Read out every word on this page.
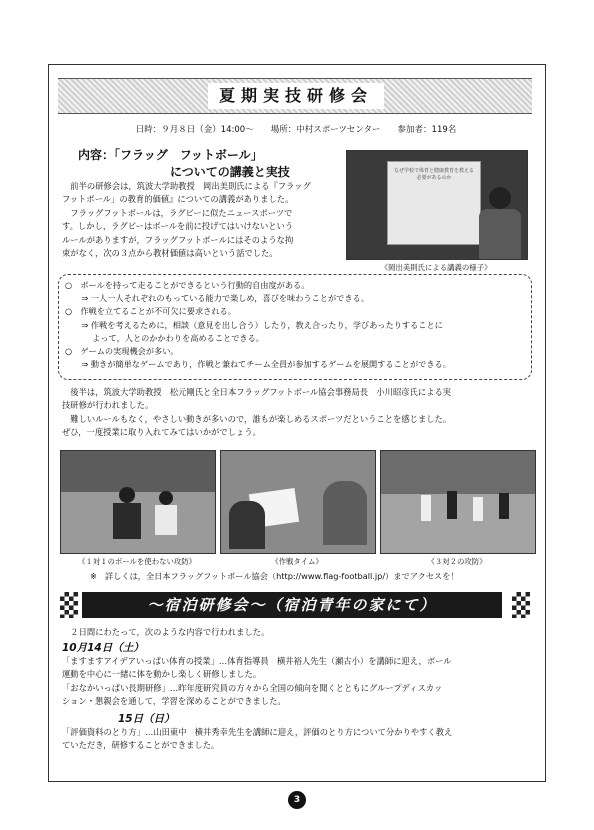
夏期実技研修会
日時：９月８日（金）14:00～　　場所：中村スポーツセンター　　参加者：119名
内容：「フラッグ　フットボール」
についての講義と実技
　前半の研修会は，筑波大学助教授　岡出美則氏による『フラッグ
フットボール」の教育的価値』についての講義がありました。
　フラッグフットボールは，ラグビーに似たニュースポーツで
す。しかし，ラグビーはボールを前に投げてはいけないという
ルールがありますが，フラッグフットボールにはそのような拘
束がなく，次の３点から教材価値は高いという話でした。
なぜ学校で体育と健康教育を教える必要があるのか
《岡出美則氏による講義の様子》
○　ボールを持って走ることができるという行動的自由度がある。
　　⇒ 一人一人それぞれのもっている能力で楽しめ，喜びを味わうことができる。
○　作戦を立てることが不可欠に要求される。
　　⇒ 作戦を考えるために，相談（意見を出し合う）したり，教え合ったり，学びあったりすることに
　　　 よって，人とのかかわりを高めることできる。
○　ゲームの実現機会が多い。
　　⇒ 動きが簡単なゲームであり，作戦と兼ねてチーム全員が参加するゲームを展開することができる。
　後半は，筑波大学助教授　松元剛氏と全日本フラッグフットボール協会事務局長　小川昭彦氏による実
技研修が行われました。
　難しいルールもなく，やさしい動きが多いので，誰もが楽しめるスポーツだということを感じました。
ぜひ，一度授業に取り入れてみてはいかがでしょう。
《１対１のボールを使わない攻防》	《作戦タイム》	《３対２の攻防》
※　詳しくは，全日本フラッグフットボール協会（http://www.flag-football.jp/）までアクセスを！
～宿泊研修会～（宿泊青年の家にて）
　２日間にわたって，次のような内容で行われました。
10月14日（土）
「ますますアイデアいっぱい体育の授業」…体育指導員　横井裕人先生（瀬古小）を講師に迎え，ボール
運動を中心に一緒に体を動かし楽しく研修しました。
「おなかいっぱい長期研修」…昨年度研究員の方々から全国の傾向を聞くとともにグループディスカッ
ション・懇親会を通して，学習を深めることができました。
15日（日）
「評価資料のとり方」…山田東中　横井秀幸先生を講師に迎え，評価のとり方について分かりやすく教え
ていただき，研修することができました。
3
